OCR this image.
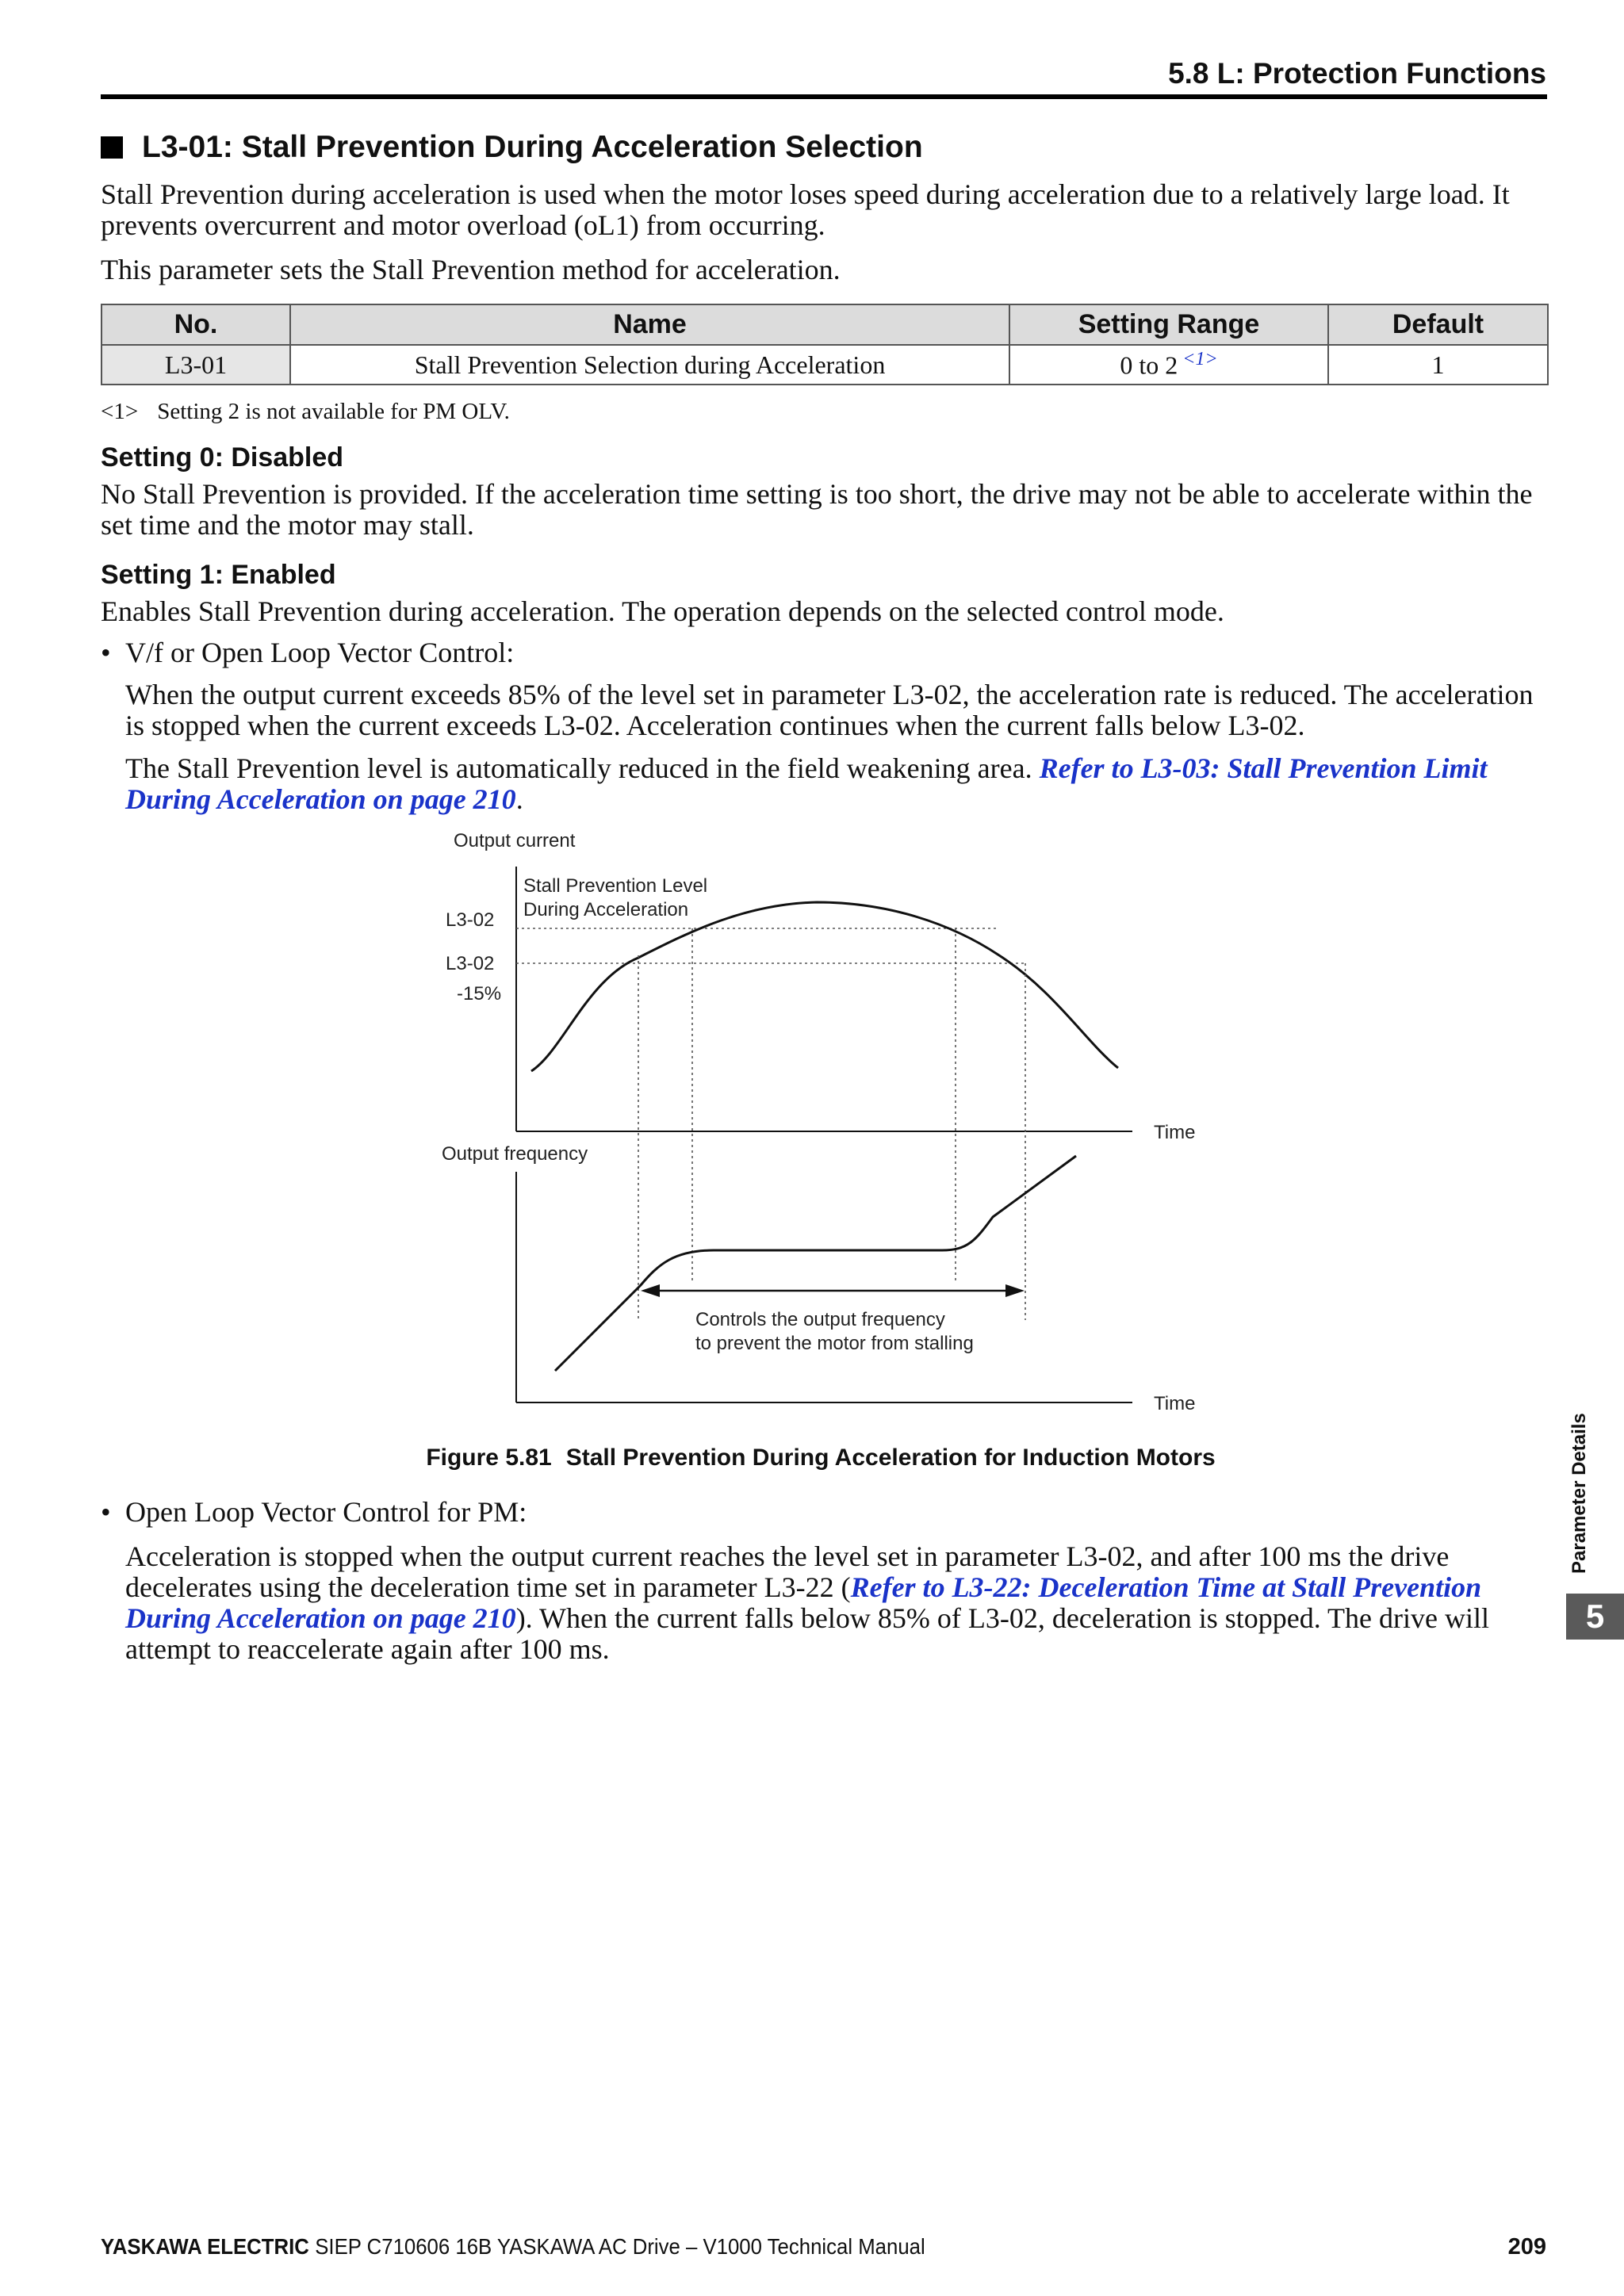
5.8 L: Protection Functions
L3-01: Stall Prevention During Acceleration Selection
Stall Prevention during acceleration is used when the motor loses speed during acceleration due to a relatively large load. It prevents overcurrent and motor overload (oL1) from occurring.
This parameter sets the Stall Prevention method for acceleration.
No.	Name	Setting Range	Default
L3-01	Stall Prevention Selection during Acceleration	0 to 2 $^{<1>}$	1
<1> Setting 2 is not available for PM OLV.
Setting 0: Disabled
No Stall Prevention is provided. If the acceleration time setting is too short, the drive may not be able to accelerate within the set time and the motor may stall.
Setting 1: Enabled
Enables Stall Prevention during acceleration. The operation depends on the selected control mode.
• V/f or Open Loop Vector Control:
When the output current exceeds 85% of the level set in parameter L3-02, the acceleration rate is reduced. The acceleration is stopped when the current exceeds L3-02. Acceleration continues when the current falls below L3-02.
The Stall Prevention level is automatically reduced in the field weakening area. Refer to L3-03: Stall Prevention Limit During Acceleration on page 210.
Output current
Stall Prevention Level
During Acceleration
L3-02
L3-02
-15%
Time
Output frequency
Time
Controls the output frequency
to prevent the motor from stalling
Figure 5.81 Stall Prevention During Acceleration for Induction Motors
• Open Loop Vector Control for PM:
Acceleration is stopped when the output current reaches the level set in parameter L3-02, and after 100 ms the drive decelerates using the deceleration time set in parameter L3-22 (Refer to L3-22: Deceleration Time at Stall Prevention During Acceleration on page 210). When the current falls below 85% of L3-02, deceleration is stopped. The drive will attempt to reaccelerate again after 100 ms.
Parameter Details
5
YASKAWA ELECTRIC SIEP C710606 16B YASKAWA AC Drive – V1000 Technical Manual	209
